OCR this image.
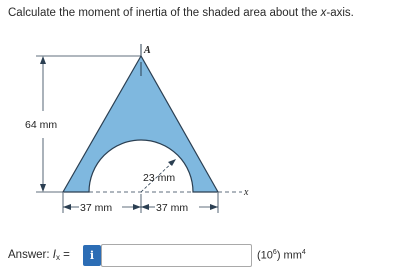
Calculate the moment of inertia of the shaded area about the x-axis.
A
64 mm
23 mm
x
37 mm	37 mm
Answer: $I_x = i$	$(10^6)$ $mm^4$
